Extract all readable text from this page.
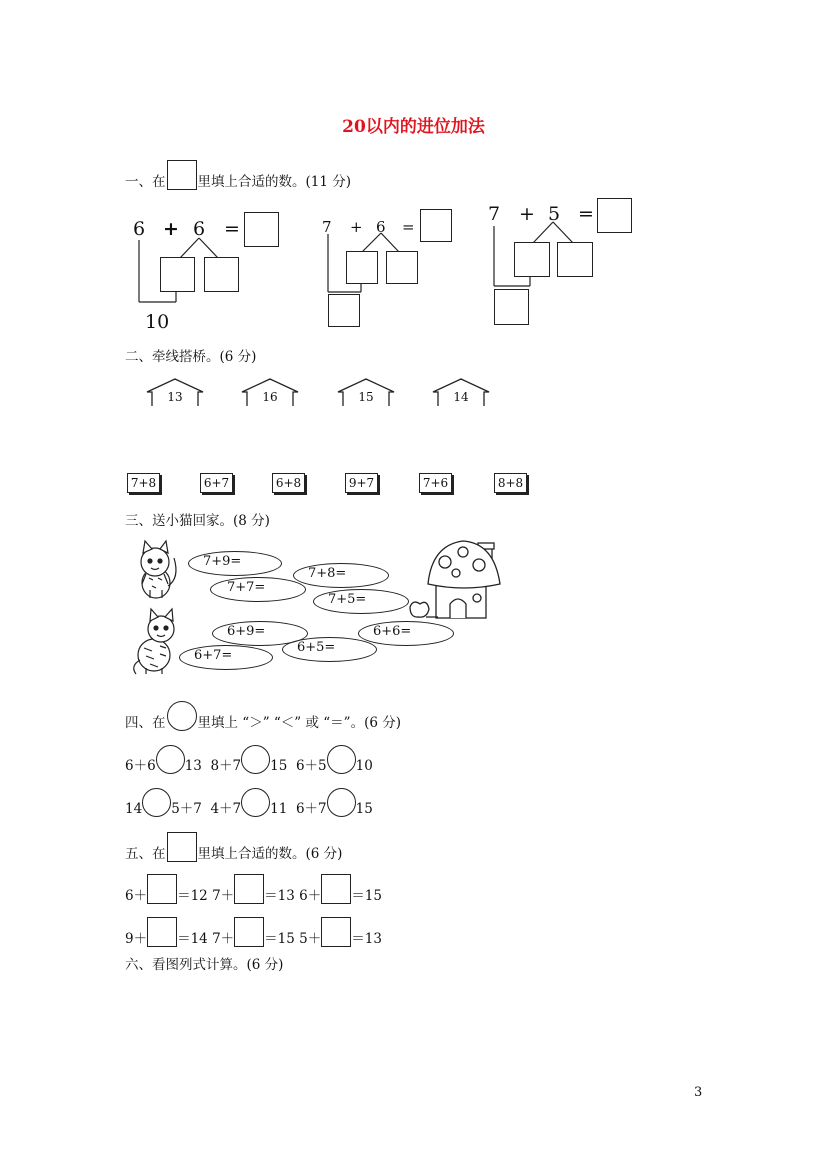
20以内的进位加法
一、在 里填上合适的数。(11 分)
6 + 6 =
10
7 + 6 =
7 + 5 =
二、牵线搭桥。(6 分)
13	16	15	14
7+8	6+7	6+8	9+7	7+6	8+8
三、送小猫回家。(8 分)
7+9=
7+7=
7+8=
7+5=
6+9=
6+7=
6+5=
6+6=
四、在 里填上 “＞” “＜” 或 “＝”。(6 分)
6＋6 13 8＋7 15 6＋5 10
14 5＋7 4＋7 11 6＋7 15
五、在 里填上合适的数。(6 分)
6＋ ＝12 7＋ ＝13 6＋ ＝15
9＋ ＝14 7＋ ＝15 5＋ ＝13
六、看图列式计算。(6 分)
3
